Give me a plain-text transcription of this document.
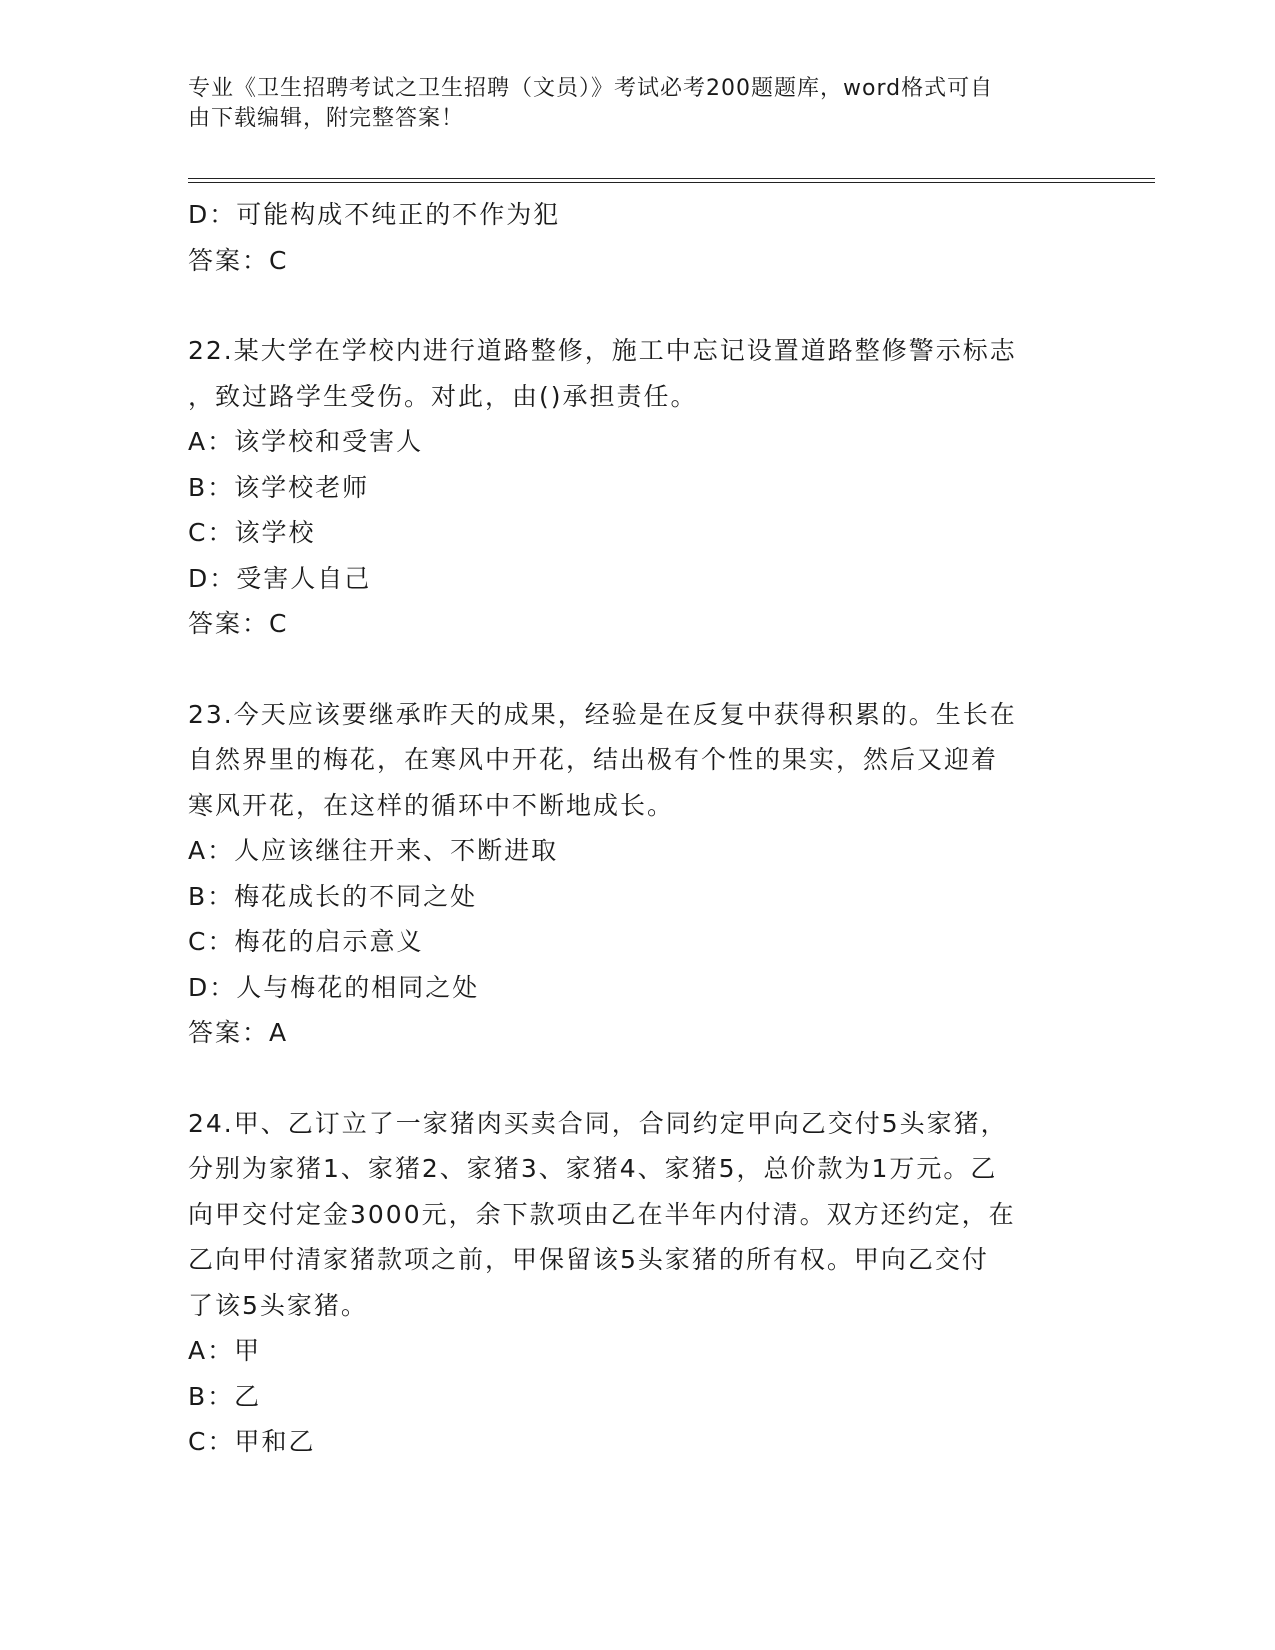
专业《卫生招聘考试之卫生招聘（文员）》考试必考200题题库，word格式可自
由下载编辑，附完整答案！
D：可能构成不纯正的不作为犯
答案：C
22.某大学在学校内进行道路整修，施工中忘记设置道路整修警示标志
，致过路学生受伤。对此，由()承担责任。
A：该学校和受害人
B：该学校老师
C：该学校
D：受害人自己
答案：C
23.今天应该要继承昨天的成果，经验是在反复中获得积累的。生长在
自然界里的梅花，在寒风中开花，结出极有个性的果实，然后又迎着
寒风开花，在这样的循环中不断地成长。
A：人应该继往开来、不断进取
B：梅花成长的不同之处
C：梅花的启示意义
D：人与梅花的相同之处
答案：A
24.甲、乙订立了一家猪肉买卖合同，合同约定甲向乙交付5头家猪，
分别为家猪1、家猪2、家猪3、家猪4、家猪5，总价款为1万元。乙
向甲交付定金3000元，余下款项由乙在半年内付清。双方还约定，在
乙向甲付清家猪款项之前，甲保留该5头家猪的所有权。甲向乙交付
了该5头家猪。
A：甲
B：乙
C：甲和乙
